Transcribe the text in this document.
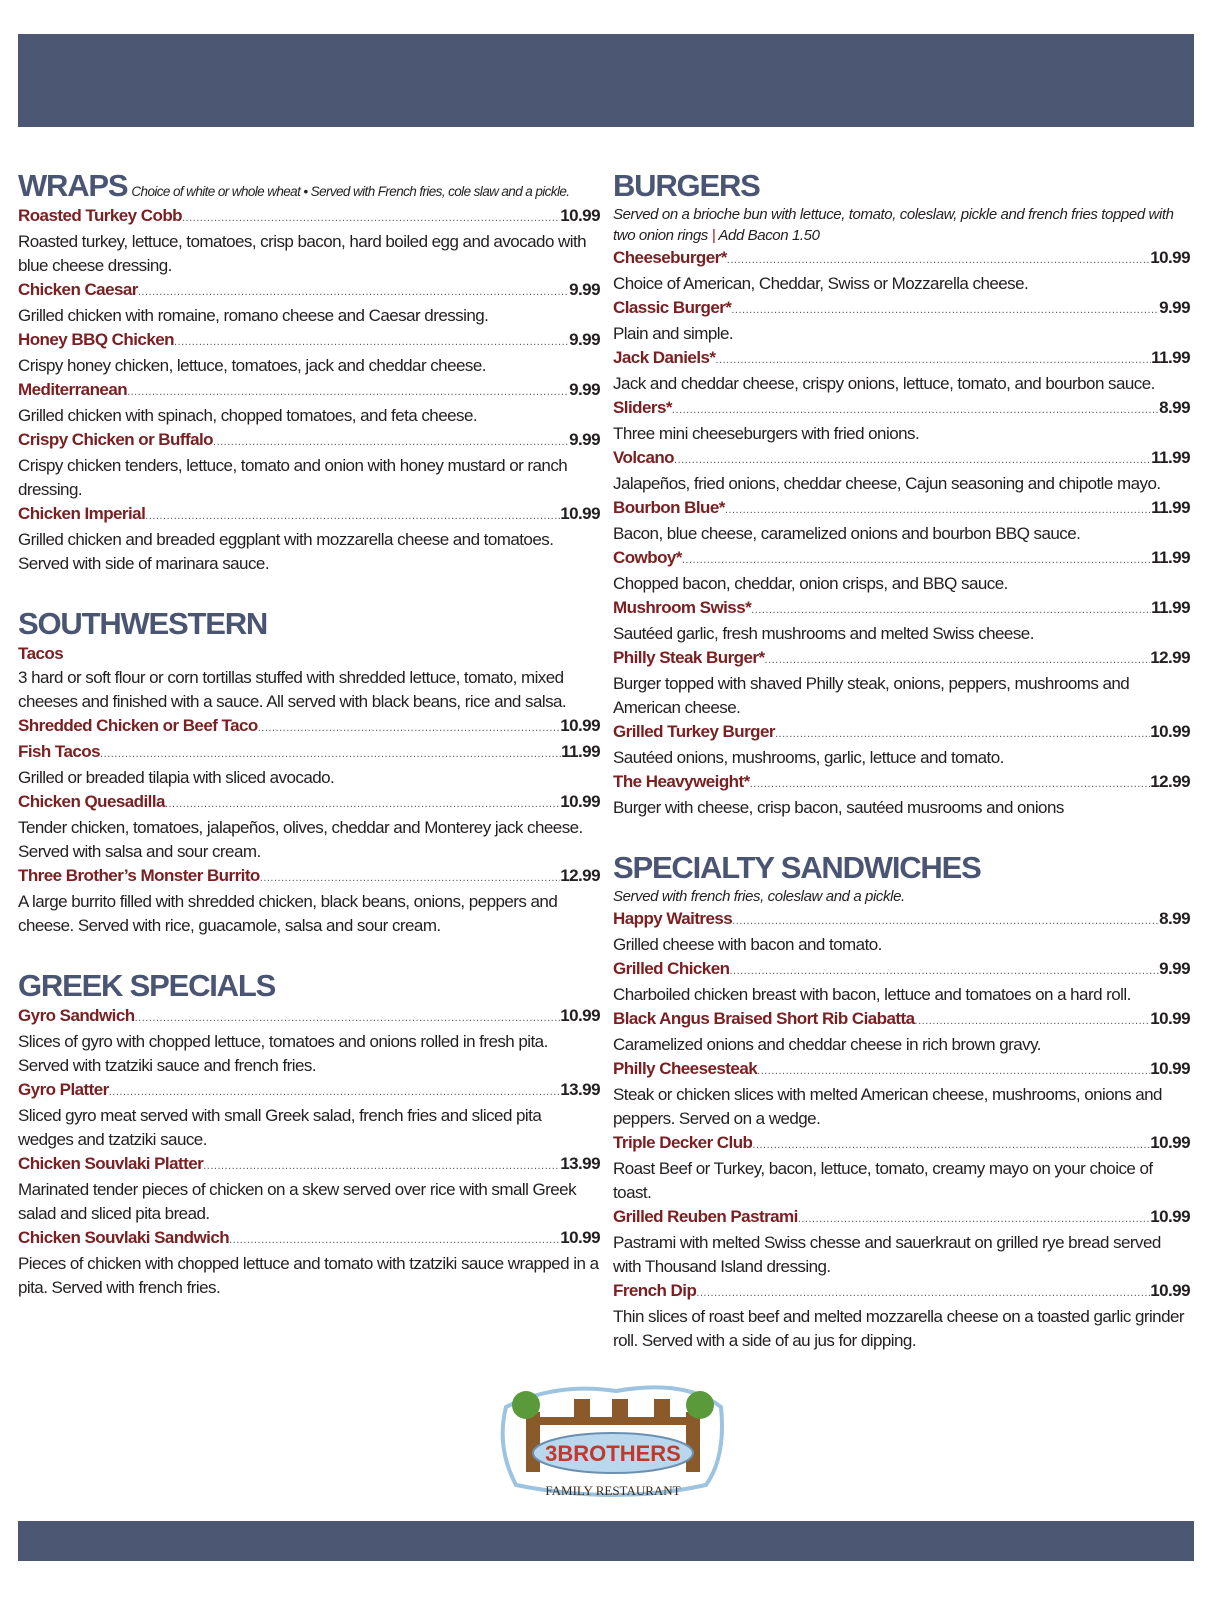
WRAPS Choice of white or whole wheat • Served with French fries, cole slaw and a pickle.
Roasted Turkey Cobb .....	10.99
Roasted turkey, lettuce, tomatoes, crisp bacon, hard boiled egg and avocado with blue cheese dressing.
Chicken Caesar .....	9.99
Grilled chicken with romaine, romano cheese and Caesar dressing.
Honey BBQ Chicken .....	9.99
Crispy honey chicken, lettuce, tomatoes, jack and cheddar cheese.
Mediterranean .....	9.99
Grilled chicken with spinach, chopped tomatoes, and feta cheese.
Crispy Chicken or Buffalo .....	9.99
Crispy chicken tenders, lettuce, tomato and onion with honey mustard or ranch dressing.
Chicken Imperial .....	10.99
Grilled chicken and breaded eggplant with mozzarella cheese and tomatoes. Served with side of marinara sauce.
SOUTHWESTERN
Tacos
3 hard or soft flour or corn tortillas stuffed with shredded lettuce, tomato, mixed cheeses and finished with a sauce. All served with black beans, rice and salsa.
Shredded Chicken or Beef Taco .....	10.99
Fish Tacos .....	11.99
Grilled or breaded tilapia with sliced avocado.
Chicken Quesadilla .....	10.99
Tender chicken, tomatoes, jalapeños, olives, cheddar and Monterey jack cheese. Served with salsa and sour cream.
Three Brother’s Monster Burrito .....	12.99
A large burrito filled with shredded chicken, black beans, onions, peppers and cheese. Served with rice, guacamole, salsa and sour cream.
GREEK SPECIALS
Gyro Sandwich .....	10.99
Slices of gyro with chopped lettuce, tomatoes and onions rolled in fresh pita. Served with tzatziki sauce and french fries.
Gyro Platter .....	13.99
Sliced gyro meat served with small Greek salad, french fries and sliced pita wedges and tzatziki sauce.
Chicken Souvlaki Platter .....	13.99
Marinated tender pieces of chicken on a skew served over rice with small Greek salad and sliced pita bread.
Chicken Souvlaki Sandwich .....	10.99
Pieces of chicken with chopped lettuce and tomato with tzatziki sauce wrapped in a pita. Served with french fries.
BURGERS
Served on a brioche bun with lettuce, tomato, coleslaw, pickle and french fries topped with two onion rings | Add Bacon 1.50
Cheeseburger* .....	10.99
Choice of American, Cheddar, Swiss or Mozzarella cheese.
Classic Burger* .....	9.99
Plain and simple.
Jack Daniels* .....	11.99
Jack and cheddar cheese, crispy onions, lettuce, tomato, and bourbon sauce.
Sliders* .....	8.99
Three mini cheeseburgers with fried onions.
Volcano .....	11.99
Jalapeños, fried onions, cheddar cheese, Cajun seasoning and chipotle mayo.
Bourbon Blue* .....	11.99
Bacon, blue cheese, caramelized onions and bourbon BBQ sauce.
Cowboy* .....	11.99
Chopped bacon, cheddar, onion crisps, and BBQ sauce.
Mushroom Swiss* .....	11.99
Sautéed garlic, fresh mushrooms and melted Swiss cheese.
Philly Steak Burger* .....	12.99
Burger topped with shaved Philly steak, onions, peppers, mushrooms and American cheese.
Grilled Turkey Burger .....	10.99
Sautéed onions, mushrooms, garlic, lettuce and tomato.
The Heavyweight* .....	12.99
Burger with cheese, crisp bacon, sautéed musrooms and onions
SPECIALTY SANDWICHES
Served with french fries, coleslaw and a pickle.
Happy Waitress .....	8.99
Grilled cheese with bacon and tomato.
Grilled Chicken .....	9.99
Charboiled chicken breast with bacon, lettuce and tomatoes on a hard roll.
Black Angus Braised Short Rib Ciabatta .....	10.99
Caramelized onions and cheddar cheese in rich brown gravy.
Philly Cheesesteak .....	10.99
Steak or chicken slices with melted American cheese, mushrooms, onions and peppers. Served on a wedge.
Triple Decker Club .....	10.99
Roast Beef or Turkey, bacon, lettuce, tomato, creamy mayo on your choice of toast.
Grilled Reuben Pastrami .....	10.99
Pastrami with melted Swiss chesse and sauerkraut on grilled rye bread served with Thousand Island dressing.
French Dip .....	10.99
Thin slices of roast beef and melted mozzarella cheese on a toasted garlic grinder roll. Served with a side of au jus for dipping.
3BROTHERS
FAMILY RESTAURANT
